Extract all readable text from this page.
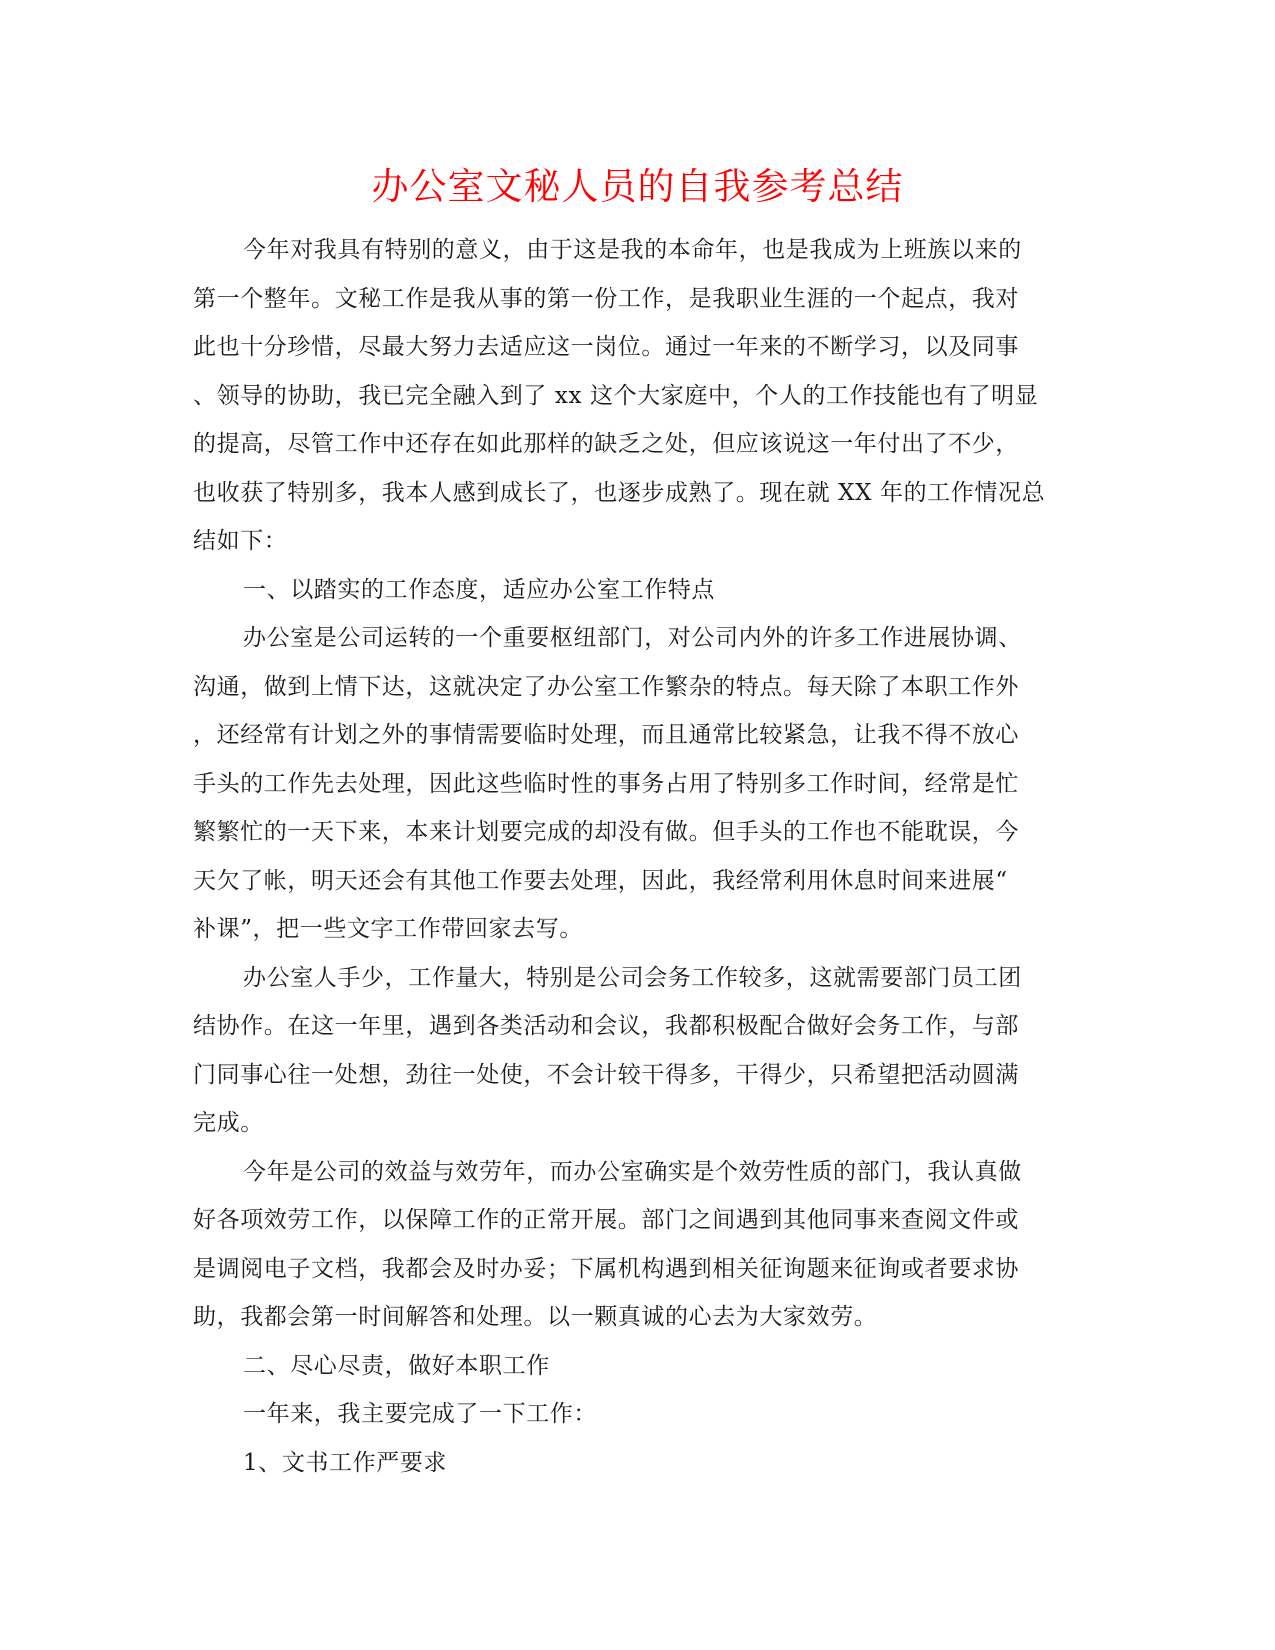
办公室文秘人员的自我参考总结
今年对我具有特别的意义，由于这是我的本命年，也是我成为上班族以来的
第一个整年。文秘工作是我从事的第一份工作，是我职业生涯的一个起点，我对
此也十分珍惜，尽最大努力去适应这一岗位。通过一年来的不断学习，以及同事
、领导的协助，我已完全融入到了 xx 这个大家庭中，个人的工作技能也有了明显
的提高，尽管工作中还存在如此那样的缺乏之处，但应该说这一年付出了不少，
也收获了特别多，我本人感到成长了，也逐步成熟了。现在就 XX 年的工作情况总
结如下：
一、以踏实的工作态度，适应办公室工作特点
办公室是公司运转的一个重要枢纽部门，对公司内外的许多工作进展协调、
沟通，做到上情下达，这就决定了办公室工作繁杂的特点。每天除了本职工作外
，还经常有计划之外的事情需要临时处理，而且通常比较紧急，让我不得不放心
手头的工作先去处理，因此这些临时性的事务占用了特别多工作时间，经常是忙
繁繁忙的一天下来，本来计划要完成的却没有做。但手头的工作也不能耽误，今
天欠了帐，明天还会有其他工作要去处理，因此，我经常利用休息时间来进展“
补课”，把一些文字工作带回家去写。
办公室人手少，工作量大，特别是公司会务工作较多，这就需要部门员工团
结协作。在这一年里，遇到各类活动和会议，我都积极配合做好会务工作，与部
门同事心往一处想，劲往一处使，不会计较干得多，干得少，只希望把活动圆满
完成。
今年是公司的效益与效劳年，而办公室确实是个效劳性质的部门，我认真做
好各项效劳工作，以保障工作的正常开展。部门之间遇到其他同事来查阅文件或
是调阅电子文档，我都会及时办妥；下属机构遇到相关征询题来征询或者要求协
助，我都会第一时间解答和处理。以一颗真诚的心去为大家效劳。
二、尽心尽责，做好本职工作
一年来，我主要完成了一下工作：
1、文书工作严要求
